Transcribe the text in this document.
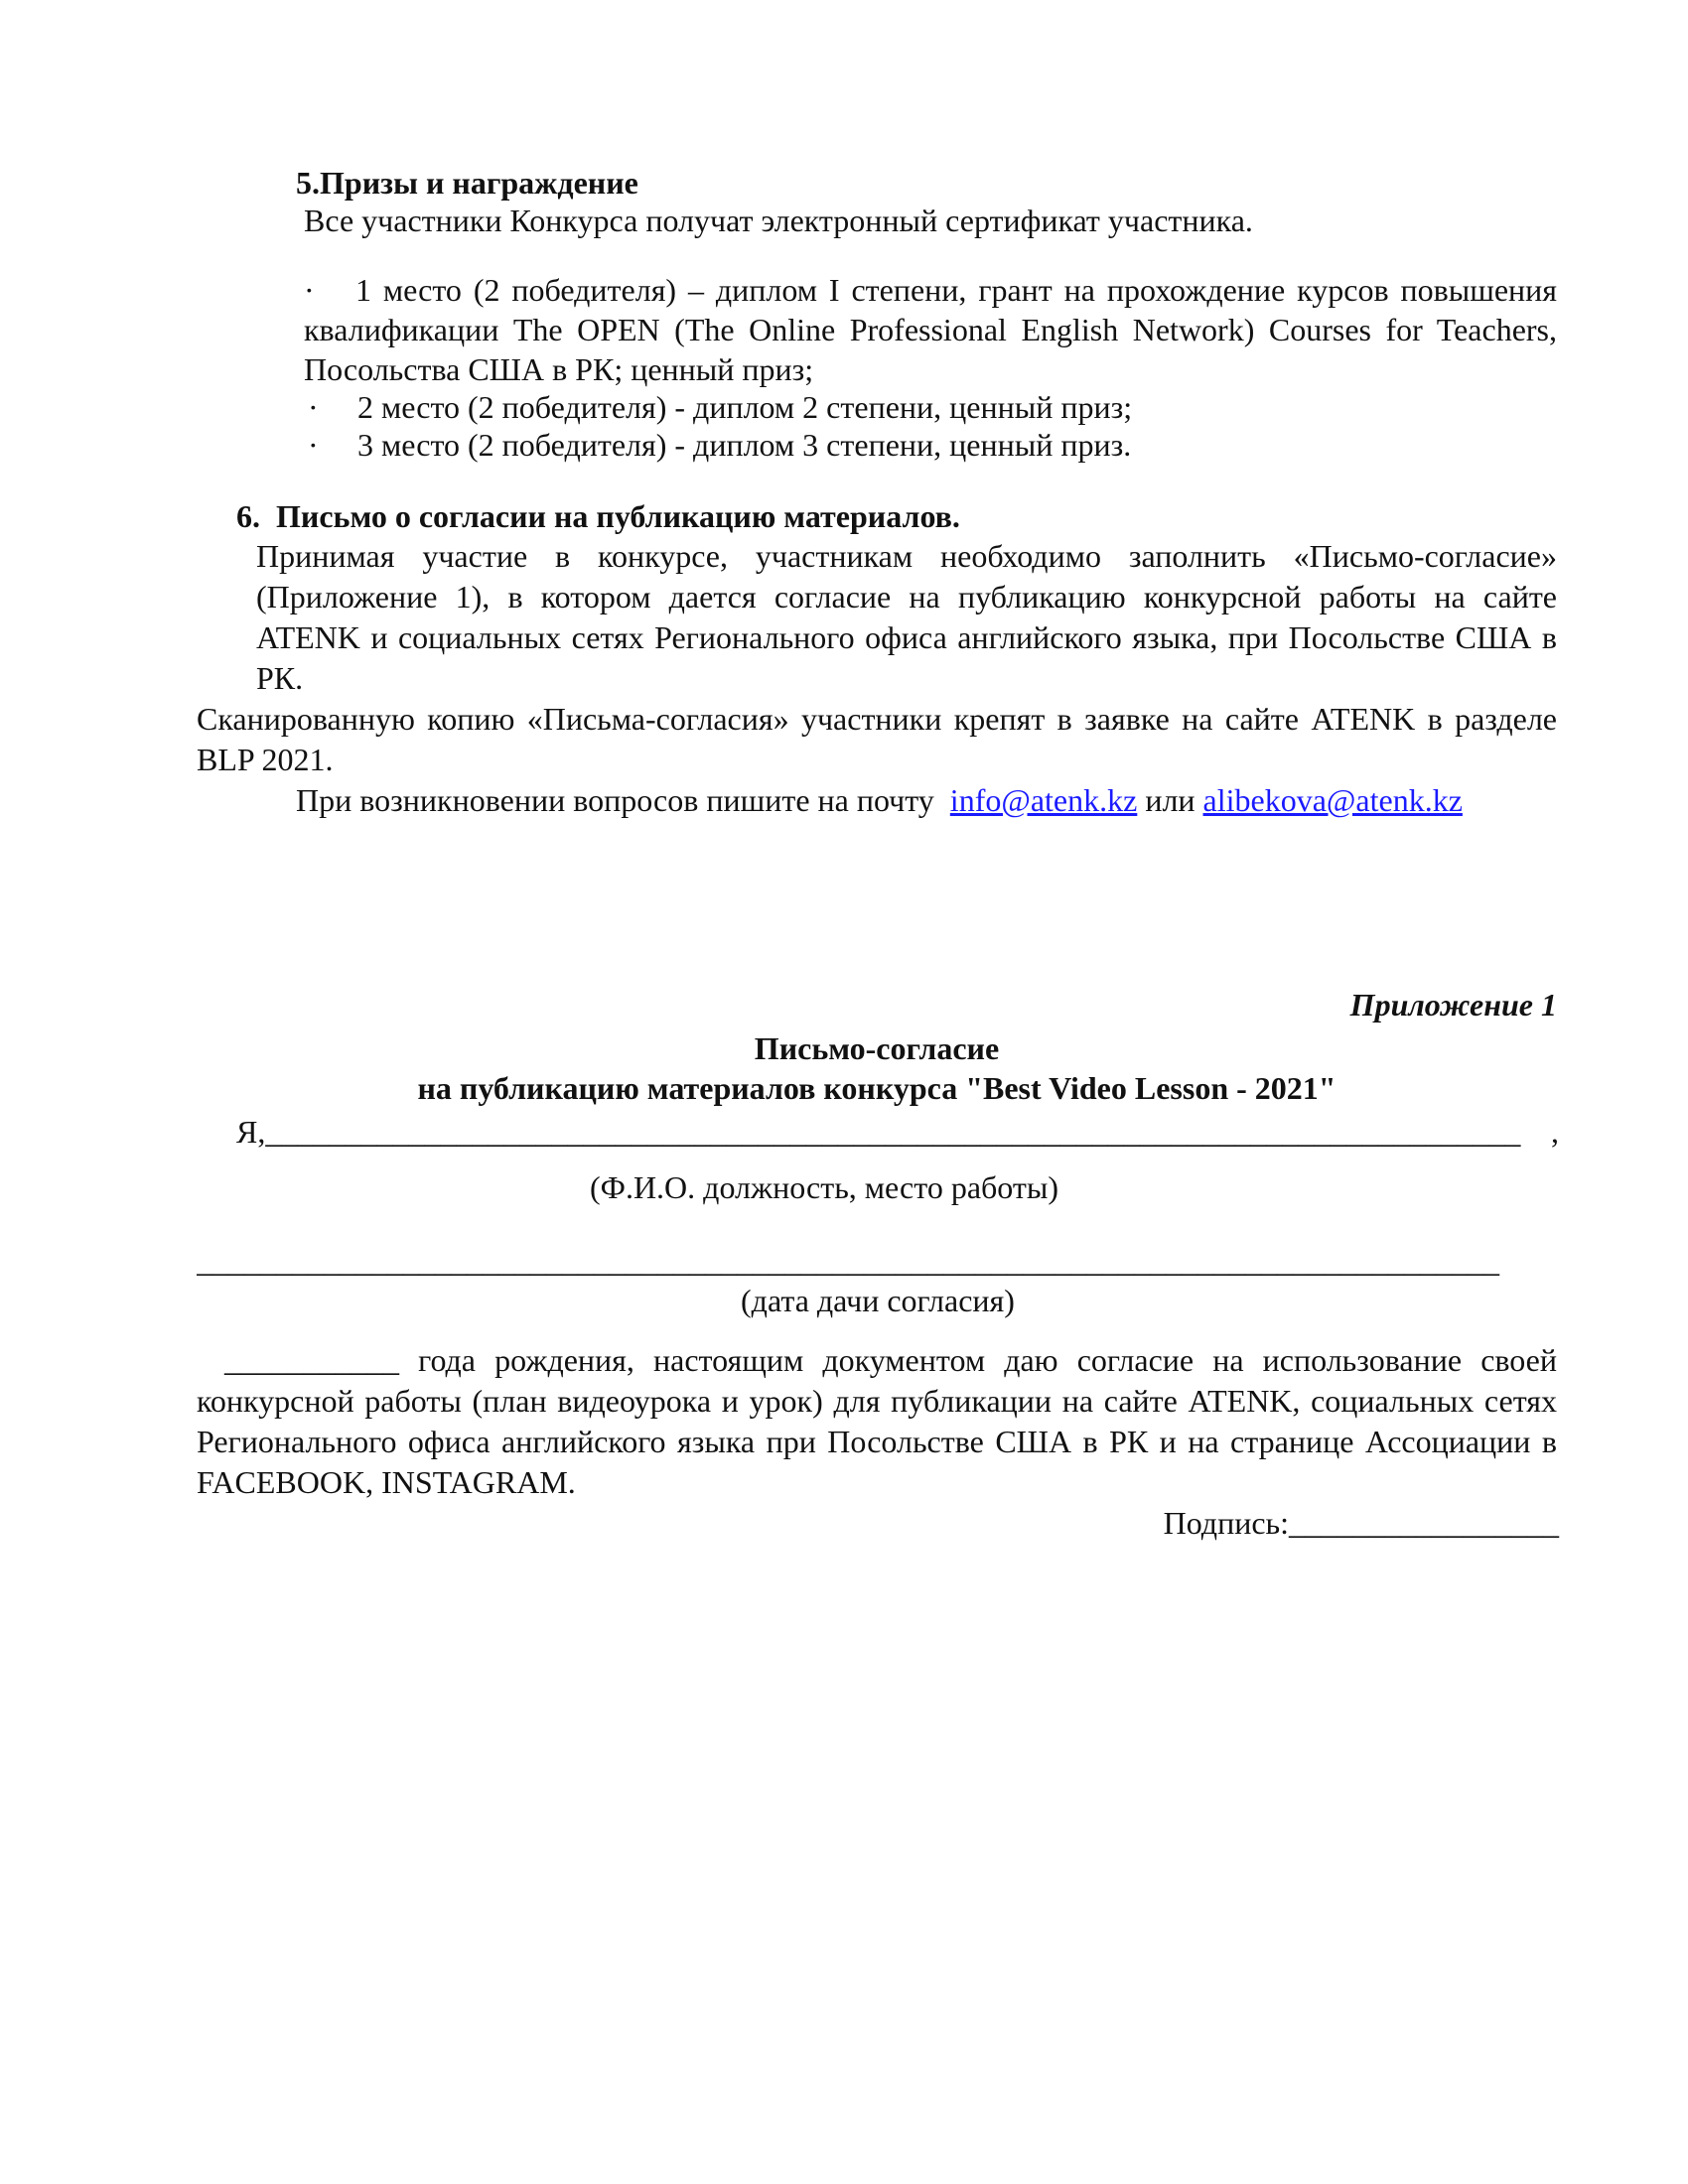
5.Призы и награждение
Все участники Конкурса получат электронный сертификат участника.
·	1 место (2 победителя) – диплом I степени, грант на прохождение курсов повышения квалификации The OPEN (The Online Professional English Network) Courses for Teachers, Посольства США в РК; ценный приз;
·	2 место (2 победителя) - диплом 2 степени, ценный приз;
·	3 место (2 победителя) - диплом 3 степени, ценный приз.
6.  Письмо о согласии на публикацию материалов.
Принимая участие в конкурсе, участникам необходимо заполнить «Письмо-согласие» (Приложение 1), в котором дается согласие на публикацию конкурсной работы на сайте ATENK и социальных сетях Регионального офиса английского языка, при Посольстве США в РК.
Сканированную копию «Письма-согласия» участники крепят в заявке на сайте ATENK в разделе BLP 2021.
При возникновении вопросов пишите на почту info@atenk.kz или alibekova@atenk.kz
Приложение 1
Письмо-согласие
на публикацию материалов конкурса "Best Video Lesson - 2021"
Я, _______________________________________________________________________________ ,
(Ф.И.О. должность, место работы)
__________________________________________________________________________________
(дата дачи согласия)
___________ года рождения, настоящим документом даю согласие на использование своей конкурсной работы (план видеоурока и урок) для публикации на сайте ATENK, социальных сетях Регионального офиса английского языка при Посольстве США в РК и на странице Ассоциации в FACEBOOK, INSTAGRAM.
Подпись:_________________
